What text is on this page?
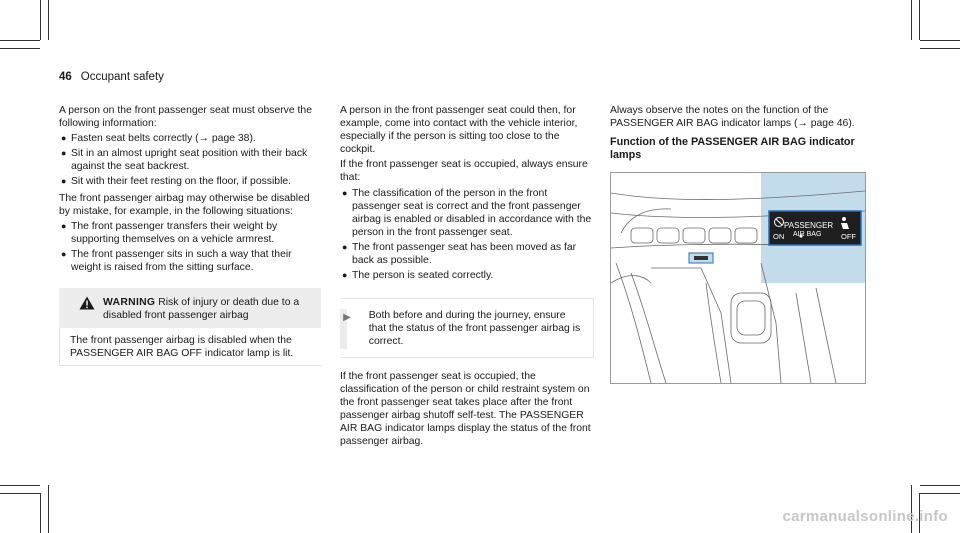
46 Occupant safety

A person on the front passenger seat must observe the following information:

● Fasten seat belts correctly (→ page 38).
● Sit in an almost upright seat position with their back against the seat backrest.
● Sit with their feet resting on the floor, if possible.

The front passenger airbag may otherwise be disabled by mistake, for example, in the following situations:

● The front passenger transfers their weight by supporting themselves on a vehicle armrest.
● The front passenger sits in such a way that their weight is raised from the sitting surface.
WARNING Risk of injury or death due to a disabled front passenger airbag
The front passenger airbag is disabled when the PASSENGER AIR BAG OFF indicator lamp is lit.

A person in the front passenger seat could then, for example, come into contact with the vehicle interior, especially if the person is sitting too close to the cockpit.

If the front passenger seat is occupied, always ensure that:

● The classification of the person in the front passenger seat is correct and the front passenger airbag is enabled or disabled in accordance with the person in the front passenger seat.
● The front passenger seat has been moved as far back as possible.
● The person is seated correctly.
▶	Both before and during the journey, ensure that the status of the front passenger airbag is correct.

If the front passenger seat is occupied, the classification of the person or child restraint system on the front passenger seat takes place after the front passenger airbag shutoff self-test. The PASSENGER AIR BAG indicator lamps display the status of the front passenger airbag.

Always observe the notes on the function of the PASSENGER AIR BAG indicator lamps (→ page 46).

Function of the PASSENGER AIR BAG indicator lamps
PASSENGER
AIR BAG
ON	OFF
carmanualsonline.info
